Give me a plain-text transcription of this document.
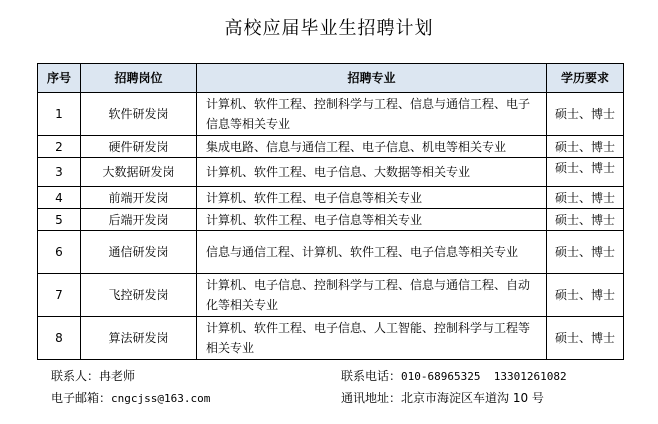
高校应届毕业生招聘计划
序号	招聘岗位	招聘专业	学历要求
1	软件研发岗	计算机、软件工程、控制科学与工程、信息与通信工程、电子信息等相关专业	硕士、博士
2	硬件研发岗	集成电路、信息与通信工程、电子信息、机电等相关专业	硕士、博士
3	大数据研发岗	计算机、软件工程、电子信息、大数据等相关专业	硕士、博士
4	前端开发岗	计算机、软件工程、电子信息等相关专业	硕士、博士
5	后端开发岗	计算机、软件工程、电子信息等相关专业	硕士、博士
6	通信研发岗	信息与通信工程、计算机、软件工程、电子信息等相关专业	硕士、博士
7	飞控研发岗	计算机、电子信息、控制科学与工程、信息与通信工程、自动化等相关专业	硕士、博士
8	算法研发岗	计算机、软件工程、电子信息、人工智能、控制科学与工程等相关专业	硕士、博士
联系人：冉老师	联系电话：010-68965325  13301261082
电子邮箱：cngcjss@163.com	通讯地址：北京市海淀区车道沟 10 号
